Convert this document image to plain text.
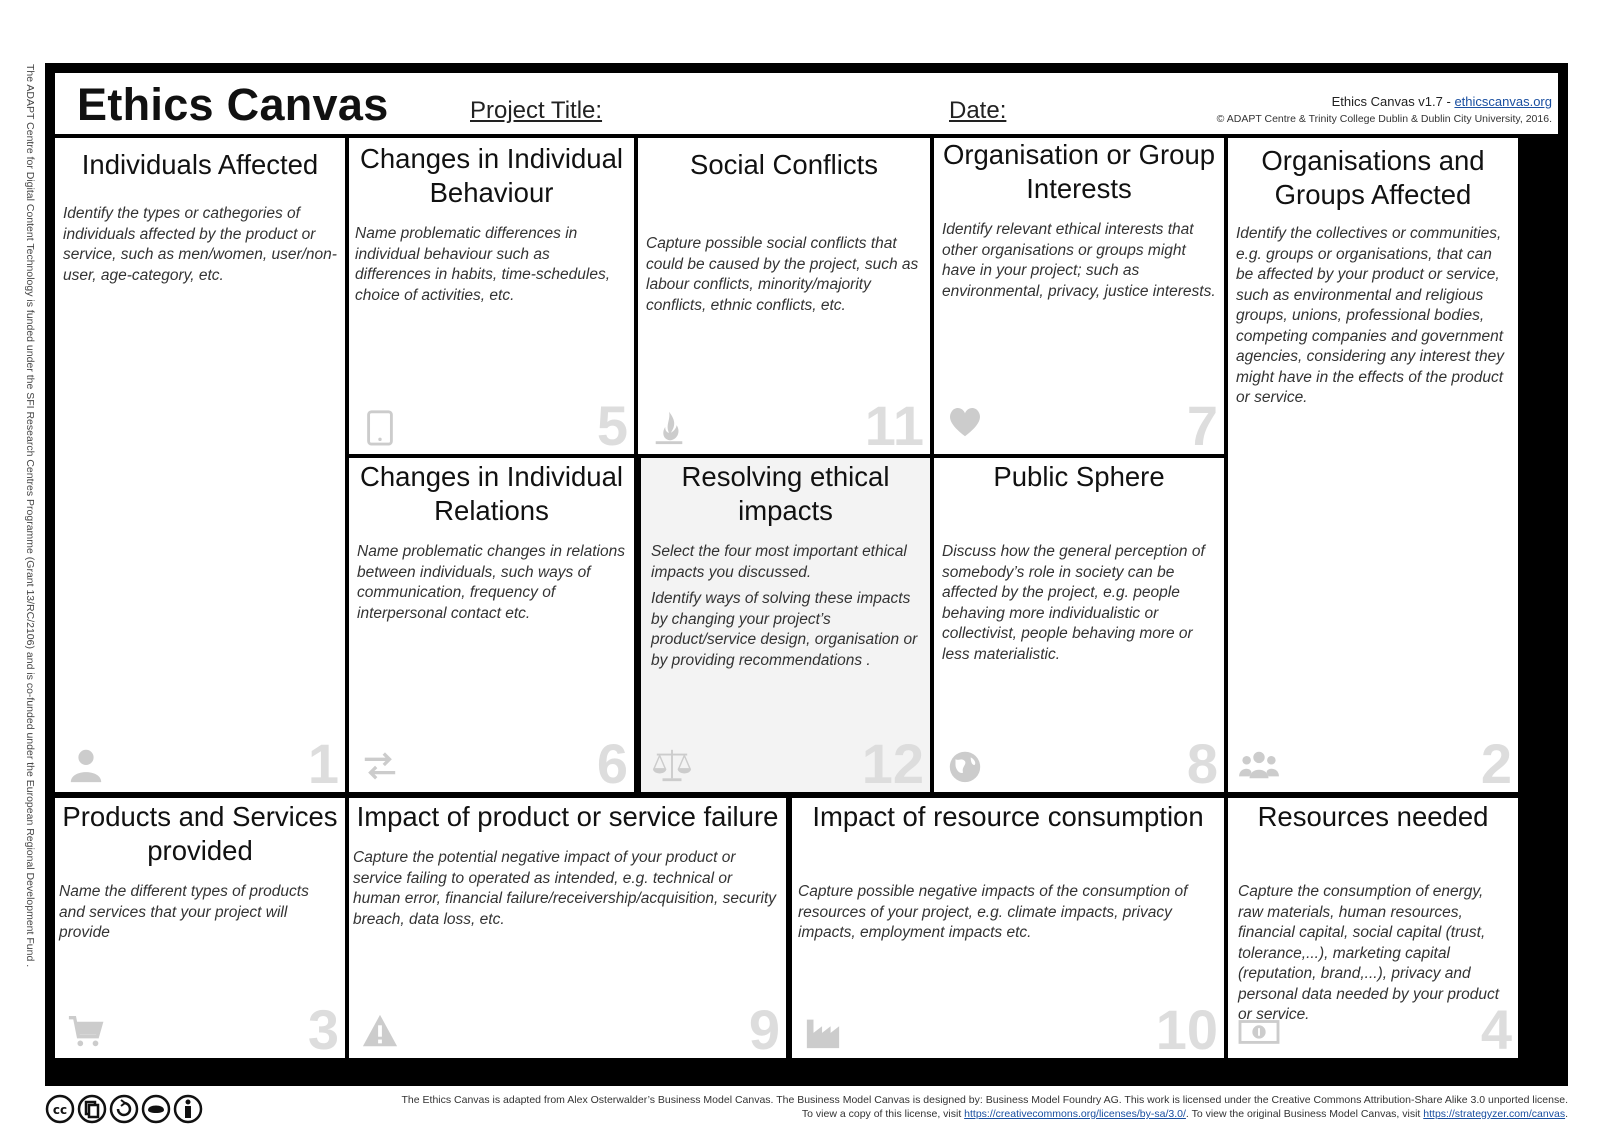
The ADAPT Centre for Digital Content Technology is funded under the SFI Research Centres Programme (Grant 13/RC/2106) and is co-funded under the European Regional Development Fund . Ethics Canvas	Project Title:	Date:	Ethics Canvas v1.7 - ethicscanvas.org
© ADAPT Centre & Trinity College Dublin & Dublin City University, 2016.
Individuals Affected

Identify the types or cathegories of individuals affected by the product or service, such as men/women, user/non-user, age-category, etc.

1
Changes in Individual Behaviour

Name problematic differences in individual behaviour such as differences in habits, time-schedules, choice of activities, etc.

5
Social Conflicts

Capture possible social conflicts that could be caused by the project, such as labour conflicts, minority/majority conflicts, ethnic conflicts, etc.

11
Organisation or Group Interests

Identify relevant ethical interests that other organisations or groups might have in your project; such as environmental, privacy, justice interests.

7
Organisations and Groups Affected

Identify the collectives or communities, e.g. groups or organisations, that can be affected by your product or service, such as environmental and religious groups, unions, professional bodies, competing companies and government agencies, considering any interest they might have in the effects of the product or service.

2
Changes in Individual Relations

Name problematic changes in relations between individuals, such ways of communication, frequency of interpersonal contact etc.

6
Resolving ethical impacts

Select the four most important ethical impacts you discussed.

Identify ways of solving these impacts by changing your project’s product/service design, organisation or by providing recommendations .

12
Public Sphere

Discuss how the general perception of somebody’s role in society can be affected by the project, e.g. people behaving more individualistic or collectivist, people behaving more or less materialistic.

8
Products and Services provided

Name the different types of products and services that your project will provide

3
Impact of product or service failure

Capture the potential negative impact of your product or service failing to operated as intended, e.g. technical or human error, financial failure/receivership/acquisition, security breach, data loss, etc.

9
Impact of resource consumption

Capture possible negative impacts of the consumption of resources of your project, e.g. climate impacts, privacy impacts, employment impacts etc.

10
Resources needed

Capture the consumption of energy, raw materials, human resources, financial capital, social capital (trust, tolerance,...), marketing capital (reputation, brand,...), privacy and personal data needed by your product or service.	4
cc
The Ethics Canvas is adapted from Alex Osterwalder’s Business Model Canvas. The Business Model Canvas is designed by: Business Model Foundry AG. This work is licensed under the Creative Commons Attribution-Share Alike 3.0 unported license.
To view a copy of this license, visit https://creativecommons.org/licenses/by-sa/3.0/. To view the original Business Model Canvas, visit https://strategyzer.com/canvas.
